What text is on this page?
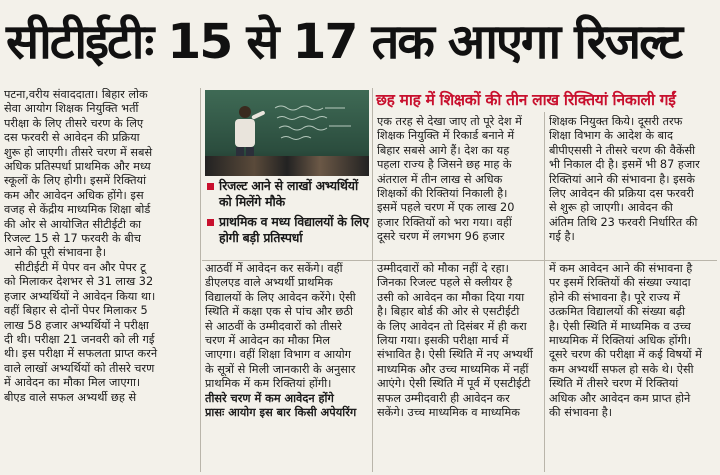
सीटीईटीः 15 से 17 तक आएगा रिजल्ट

पटना,वरीय संवाददाता। बिहार लोक

सेवा आयोग शिक्षक नियुक्ति भर्ती

परीक्षा के लिए तीसरे चरण के लिए

दस फरवरी से आवेदन की प्रक्रिया

शुरू हो जाएगी। तीसरे चरण में सबसे

अधिक प्रतिस्पर्धा प्राथमिक और मध्य

स्कूलों के लिए होगी। इसमें रिक्तियां

कम और आवेदन अधिक होंगे। इस

वजह से केंद्रीय माध्यमिक शिक्षा बोर्ड

की ओर से आयोजित सीटीईटी का

रिजल्ट 15 से 17 फरवरी के बीच

आने की पूरी संभावना है।

सीटीईटी में पेपर वन और पेपर टू

को मिलाकर देशभर से 31 लाख 32

हजार अभ्यर्थियों ने आवेदन किया था।

वहीं बिहार से दोनों पेपर मिलाकर 5

लाख 58 हजार अभ्यर्थियों ने परीक्षा

दी थी। परीक्षा 21 जनवरी को ली गई

थी। इस परीक्षा में सफलता प्राप्त करने

वाले लाखों अभ्यर्थियों को तीसरे चरण

में आवेदन का मौका मिल जाएगा।

बीएड वाले सफल अभ्यर्थी छह से

रिजल्ट आने से लाखों अभ्यर्थियों को मिलेंगे मौके
प्राथमिक व मध्य विद्यालयों के लिए होगी बड़ी प्रतिस्पर्धा
छह माह में शिक्षकों की तीन लाख रिक्तियां निकाली गईं

एक तरह से देखा जाए तो पूरे देश में

शिक्षक नियुक्ति में रिकार्ड बनाने में

बिहार सबसे आगे हैं। देश का यह

पहला राज्य है जिसने छह माह के

अंतराल में तीन लाख से अधिक

शिक्षकों की रिक्तियां निकाली है।

इसमें पहले चरण में एक लाख 20

हजार रिक्तियों को भरा गया। वहीं

दूसरे चरण में लगभग 96 हजार

शिक्षक नियुक्त किये। दूसरी तरफ

शिक्षा विभाग के आदेश के बाद

बीपीएससी ने तीसरे चरण की वैकेंसी

भी निकाल दी है। इसमें भी 87 हजार

रिक्तियां आने की संभावना है। इसके

लिए आवेदन की प्रक्रिया दस फरवरी

से शुरू हो जाएगी। आवेदन की

अंतिम तिथि 23 फरवरी निर्धारित की

गई है।

आठवीं में आवेदन कर सकेंगे। वहीं

डीएलएड वाले अभ्यर्थी प्राथमिक

विद्यालयों के लिए आवेदन करेंगे। ऐसी

स्थिति में कक्षा एक से पांच और छठी

से आठवीं के उम्मीदवारों को तीसरे

चरण में आवेदन का मौका मिल

जाएगा। वहीं शिक्षा विभाग व आयोग

के सूत्रों से मिली जानकारी के अनुसार

प्राथमिक में कम रिक्तियां होंगी।

तीसरे चरण में कम आवेदन होंगे

प्रासः आयोग इस बार किसी अपेयरिंग

उम्मीदवारों को मौका नहीं दे रहा।

जिनका रिजल्ट पहले से क्लीयर है

उसी को आवेदन का मौका दिया गया

है। बिहार बोर्ड की ओर से एसटीईटी

के लिए आवेदन तो दिसंबर में ही करा

लिया गया। इसकी परीक्षा मार्च में

संभावित है। ऐसी स्थिति में नए अभ्यर्थी

माध्यमिक और उच्च माध्यमिक में नहीं

आएंगे। ऐसी स्थिति में पूर्व में एसटीईटी

सफल उम्मीदवारी ही आवेदन कर

सकेंगे। उच्च माध्यमिक व माध्यमिक

में कम आवेदन आने की संभावना है

पर इसमें रिक्तियों की संख्या ज्यादा

होने की संभावना है। पूरे राज्य में

उत्क्रमित विद्यालयों की संख्या बढ़ी

है। ऐसी स्थिति में माध्यमिक व उच्च

माध्यमिक में रिक्तियां अधिक होंगी।

दूसरे चरण की परीक्षा में कई विषयों में

कम अभ्यर्थी सफल हो सके थे। ऐसी

स्थिति में तीसरे चरण में रिक्तियां

अधिक और आवेदन कम प्राप्त होने

की संभावना है।
